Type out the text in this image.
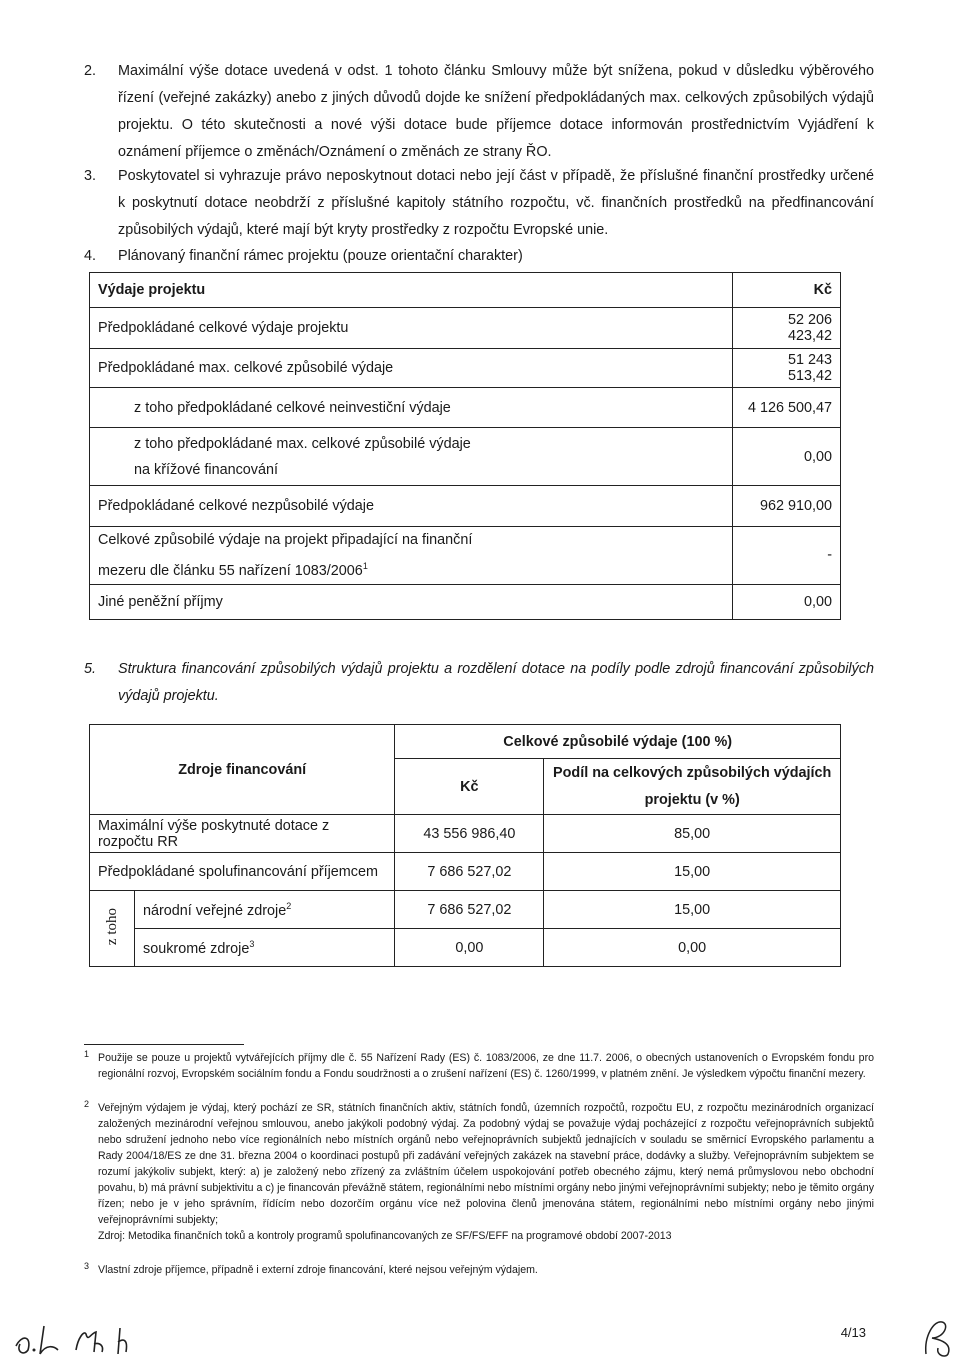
2. Maximální výše dotace uvedená v odst. 1 tohoto článku Smlouvy může být snížena, pokud v důsledku výběrového řízení (veřejné zakázky) anebo z jiných důvodů dojde ke snížení předpokládaných max. celkových způsobilých výdajů projektu. O této skutečnosti a nové výši dotace bude příjemce dotace informován prostřednictvím Vyjádření k oznámení příjemce o změnách/Oznámení o změnách ze strany ŘO.
3. Poskytovatel si vyhrazuje právo neposkytnout dotaci nebo její část v případě, že příslušné finanční prostředky určené k poskytnutí dotace neobdrží z příslušné kapitoly státního rozpočtu, vč. finančních prostředků na předfinancování způsobilých výdajů, které mají být kryty prostředky z rozpočtu Evropské unie.
4. Plánovaný finanční rámec projektu (pouze orientační charakter)
Výdaje projektu	Kč
Předpokládané celkové výdaje projektu	52 206 423,42
Předpokládané max. celkové způsobilé výdaje	51 243 513,42
z toho předpokládané celkové neinvestiční výdaje	4 126 500,47
z toho předpokládané max. celkové způsobilé výdaje
na křížové financování	0,00
Předpokládané celkové nezpůsobilé výdaje	962 910,00
Celkové způsobilé výdaje na projekt připadající na finanční
mezeru dle článku 55 nařízení 1083/2006$^1$	-
Jiné peněžní příjmy	0,00
5. Struktura financování způsobilých výdajů projektu a rozdělení dotace na podíly podle zdrojů financování způsobilých výdajů projektu.
Zdroje financování		Celkové způsobilé výdaje (100 %)	
		Kč	Podíl na celkových způsobilých výdajích projektu (v %)
Maximální výše poskytnuté dotace z rozpočtu RR		43 556 986,40	85,00
Předpokládané spolufinancování příjemcem		7 686 527,02	15,00
z toho	národní veřejné zdroje$^2$	7 686 527,02	15,00
	soukromé zdroje$^3$	0,00	0,00
1 Použije se pouze u projektů vytvářejících příjmy dle č. 55 Nařízení Rady (ES) č. 1083/2006, ze dne 11.7. 2006, o obecných ustanoveních o Evropském fondu pro regionální rozvoj, Evropském sociálním fondu a Fondu soudržnosti a o zrušení nařízení (ES) č. 1260/1999, v platném znění. Je výsledkem výpočtu finanční mezery.
2 Veřejným výdajem je výdaj, který pochází ze SR, státních finančních aktiv, státních fondů, územních rozpočtů, rozpočtu EU, z rozpočtu mezinárodních organizací založených mezinárodní veřejnou smlouvou, anebo jakýkoli podobný výdaj. Za podobný výdaj se považuje výdaj pocházející z rozpočtu veřejnoprávních subjektů nebo sdružení jednoho nebo více regionálních nebo místních orgánů nebo veřejnoprávních subjektů jednajících v souladu se směrnicí Evropského parlamentu a Rady 2004/18/ES ze dne 31. března 2004 o koordinaci postupů při zadávání veřejných zakázek na stavební práce, dodávky a služby. Veřejnoprávním subjektem se rozumí jakýkoliv subjekt, který: a) je založený nebo zřízený za zvláštním účelem uspokojování potřeb obecného zájmu, který nemá průmyslovou nebo obchodní povahu, b) má právní subjektivitu a c) je financován převážně státem, regionálními nebo místními orgány nebo jinými veřejnoprávními subjekty; nebo je těmito orgány řízen; nebo je v jeho správním, řídícím nebo dozorčím orgánu více než polovina členů jmenována státem, regionálními nebo místními orgány nebo jinými veřejnoprávními subjekty;
Zdroj: Metodika finančních toků a kontroly programů spolufinancovaných ze SF/FS/EFF na programové období 2007-2013
3 Vlastní zdroje příjemce, případně i externí zdroje financování, které nejsou veřejným výdajem.
4/13
